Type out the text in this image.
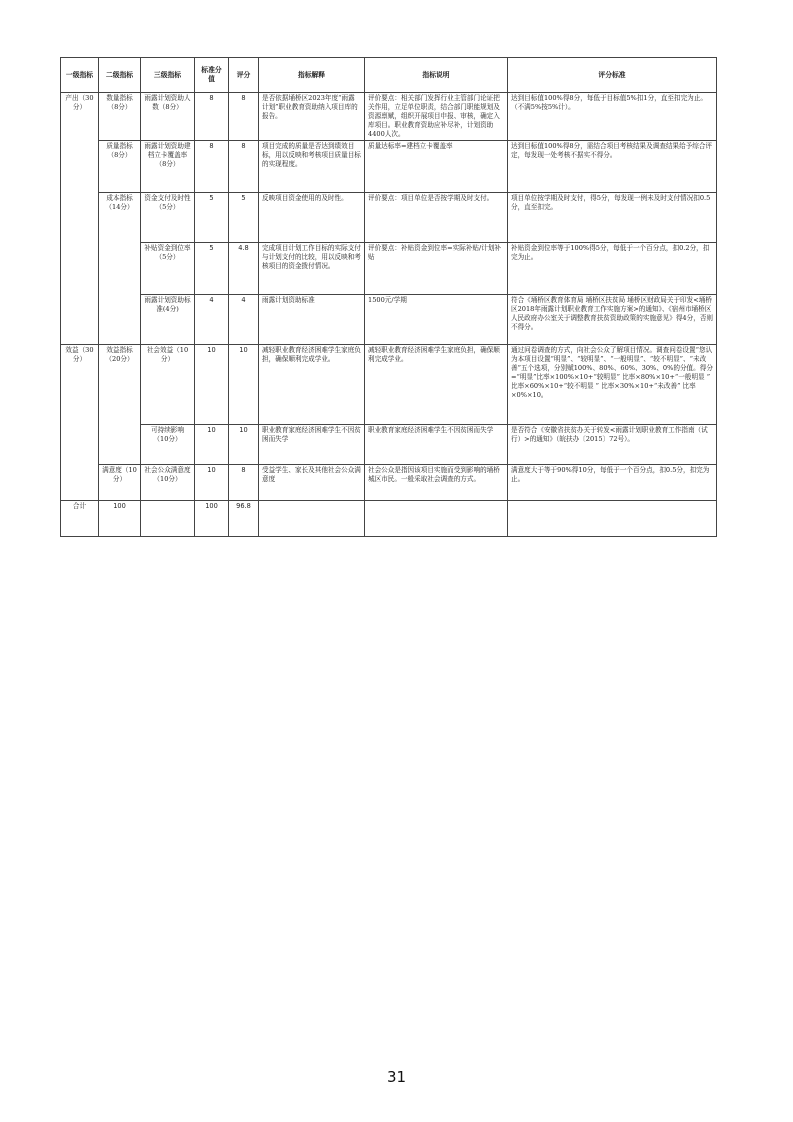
一级指标	二级指标	三级指标	标准分值	评分	指标解释	指标说明	评分标准
产出（30分）	数量指标（8分）	雨露计划资助人数（8分）	8	8	是否依据埇桥区2023年度“雨露计划”职业教育资助纳入项目库的报告。	评价要点：相关部门发挥行业主管部门论证把关作用，立足单位职责，结合部门职能规划及资源禀赋，组织开展项目申报、审核，确定入库项目。职业教育资助应补尽补，计划资助4400人次。	达到目标值100%得8分，每低于目标值5%扣1分，直至扣完为止。（不满5%按5%计）。
	质量指标（8分）	雨露计划资助建档立卡覆盖率（8分）	8	8	项目完成的质量是否达到绩效目标，用以反映和考核项目质量目标的实现程度。	质量达标率=建档立卡覆盖率	达到目标值100%得8分，需结合项目考核结果及调查结果给予综合评定，每发现一处考核不据实不得分。
	成本指标（14分）	资金支付及时性（5分）	5	5	反映项目资金使用的及时性。	评价要点：项目单位是否按学期及时支付。	项目单位按学期及时支付，得5分，每发现一例未及时支付情况扣0.5分，直至扣完。
		补贴资金到位率（5分）	5	4.8	完成项目计划工作目标的实际支付与计划支付的比较，用以反映和考核项目的资金拨付情况。	评价要点：补贴资金到位率=实际补贴/计划补贴	补贴资金到位率等于100%得5分，每低于一个百分点，扣0.2分，扣完为止。
		雨露计划资助标准(4分)	4	4	雨露计划资助标准	1500元/学期	符合《埇桥区教育体育局 埇桥区扶贫局 埇桥区财政局关于印发<埇桥区2018年雨露计划职业教育工作实施方案>的通知》、《宿州市埇桥区人民政府办公室关于调整教育扶贫资助政策的实施意见》得4分，否则不得分。
效益（30分）	效益指标（20分）	社会效益（10分）	10	10	减轻职业教育经济困难学生家庭负担，确保顺利完成学业。	减轻职业教育经济困难学生家庭负担，确保顺利完成学业。	通过问卷调查的方式，向社会公众了解项目情况。调查问卷设置“您认为本项目设置“明显”、“较明显”、“一般明显”、“较不明显”、“未改善”五个选项，分别赋100%、80%、60%、30%、0%的分值。得分=“明显”比率×100%×10+“较明显” 比率×80%×10+“一般明显 ” 比率×60%×10+“较不明显 ” 比率×30%×10+“未改善” 比率×0%×10。
		可持续影响（10分）	10	10	职业教育家庭经济困难学生不因贫困而失学	职业教育家庭经济困难学生不因贫困而失学	是否符合《安徽省扶贫办关于转发<雨露计划职业教育工作指南（试行）>的通知》（皖扶办〔2015〕72号）。
	满意度（10分）	社会公众满意度（10分）	10	8	受益学生、家长及其他社会公众满意度	社会公众是指因该项目实施而受到影响的埇桥城区市民。一般采取社会调查的方式。	满意度大于等于90%得10分，每低于一个百分点，扣0.5分，扣完为止。
合计	100		100	96.8			
31
